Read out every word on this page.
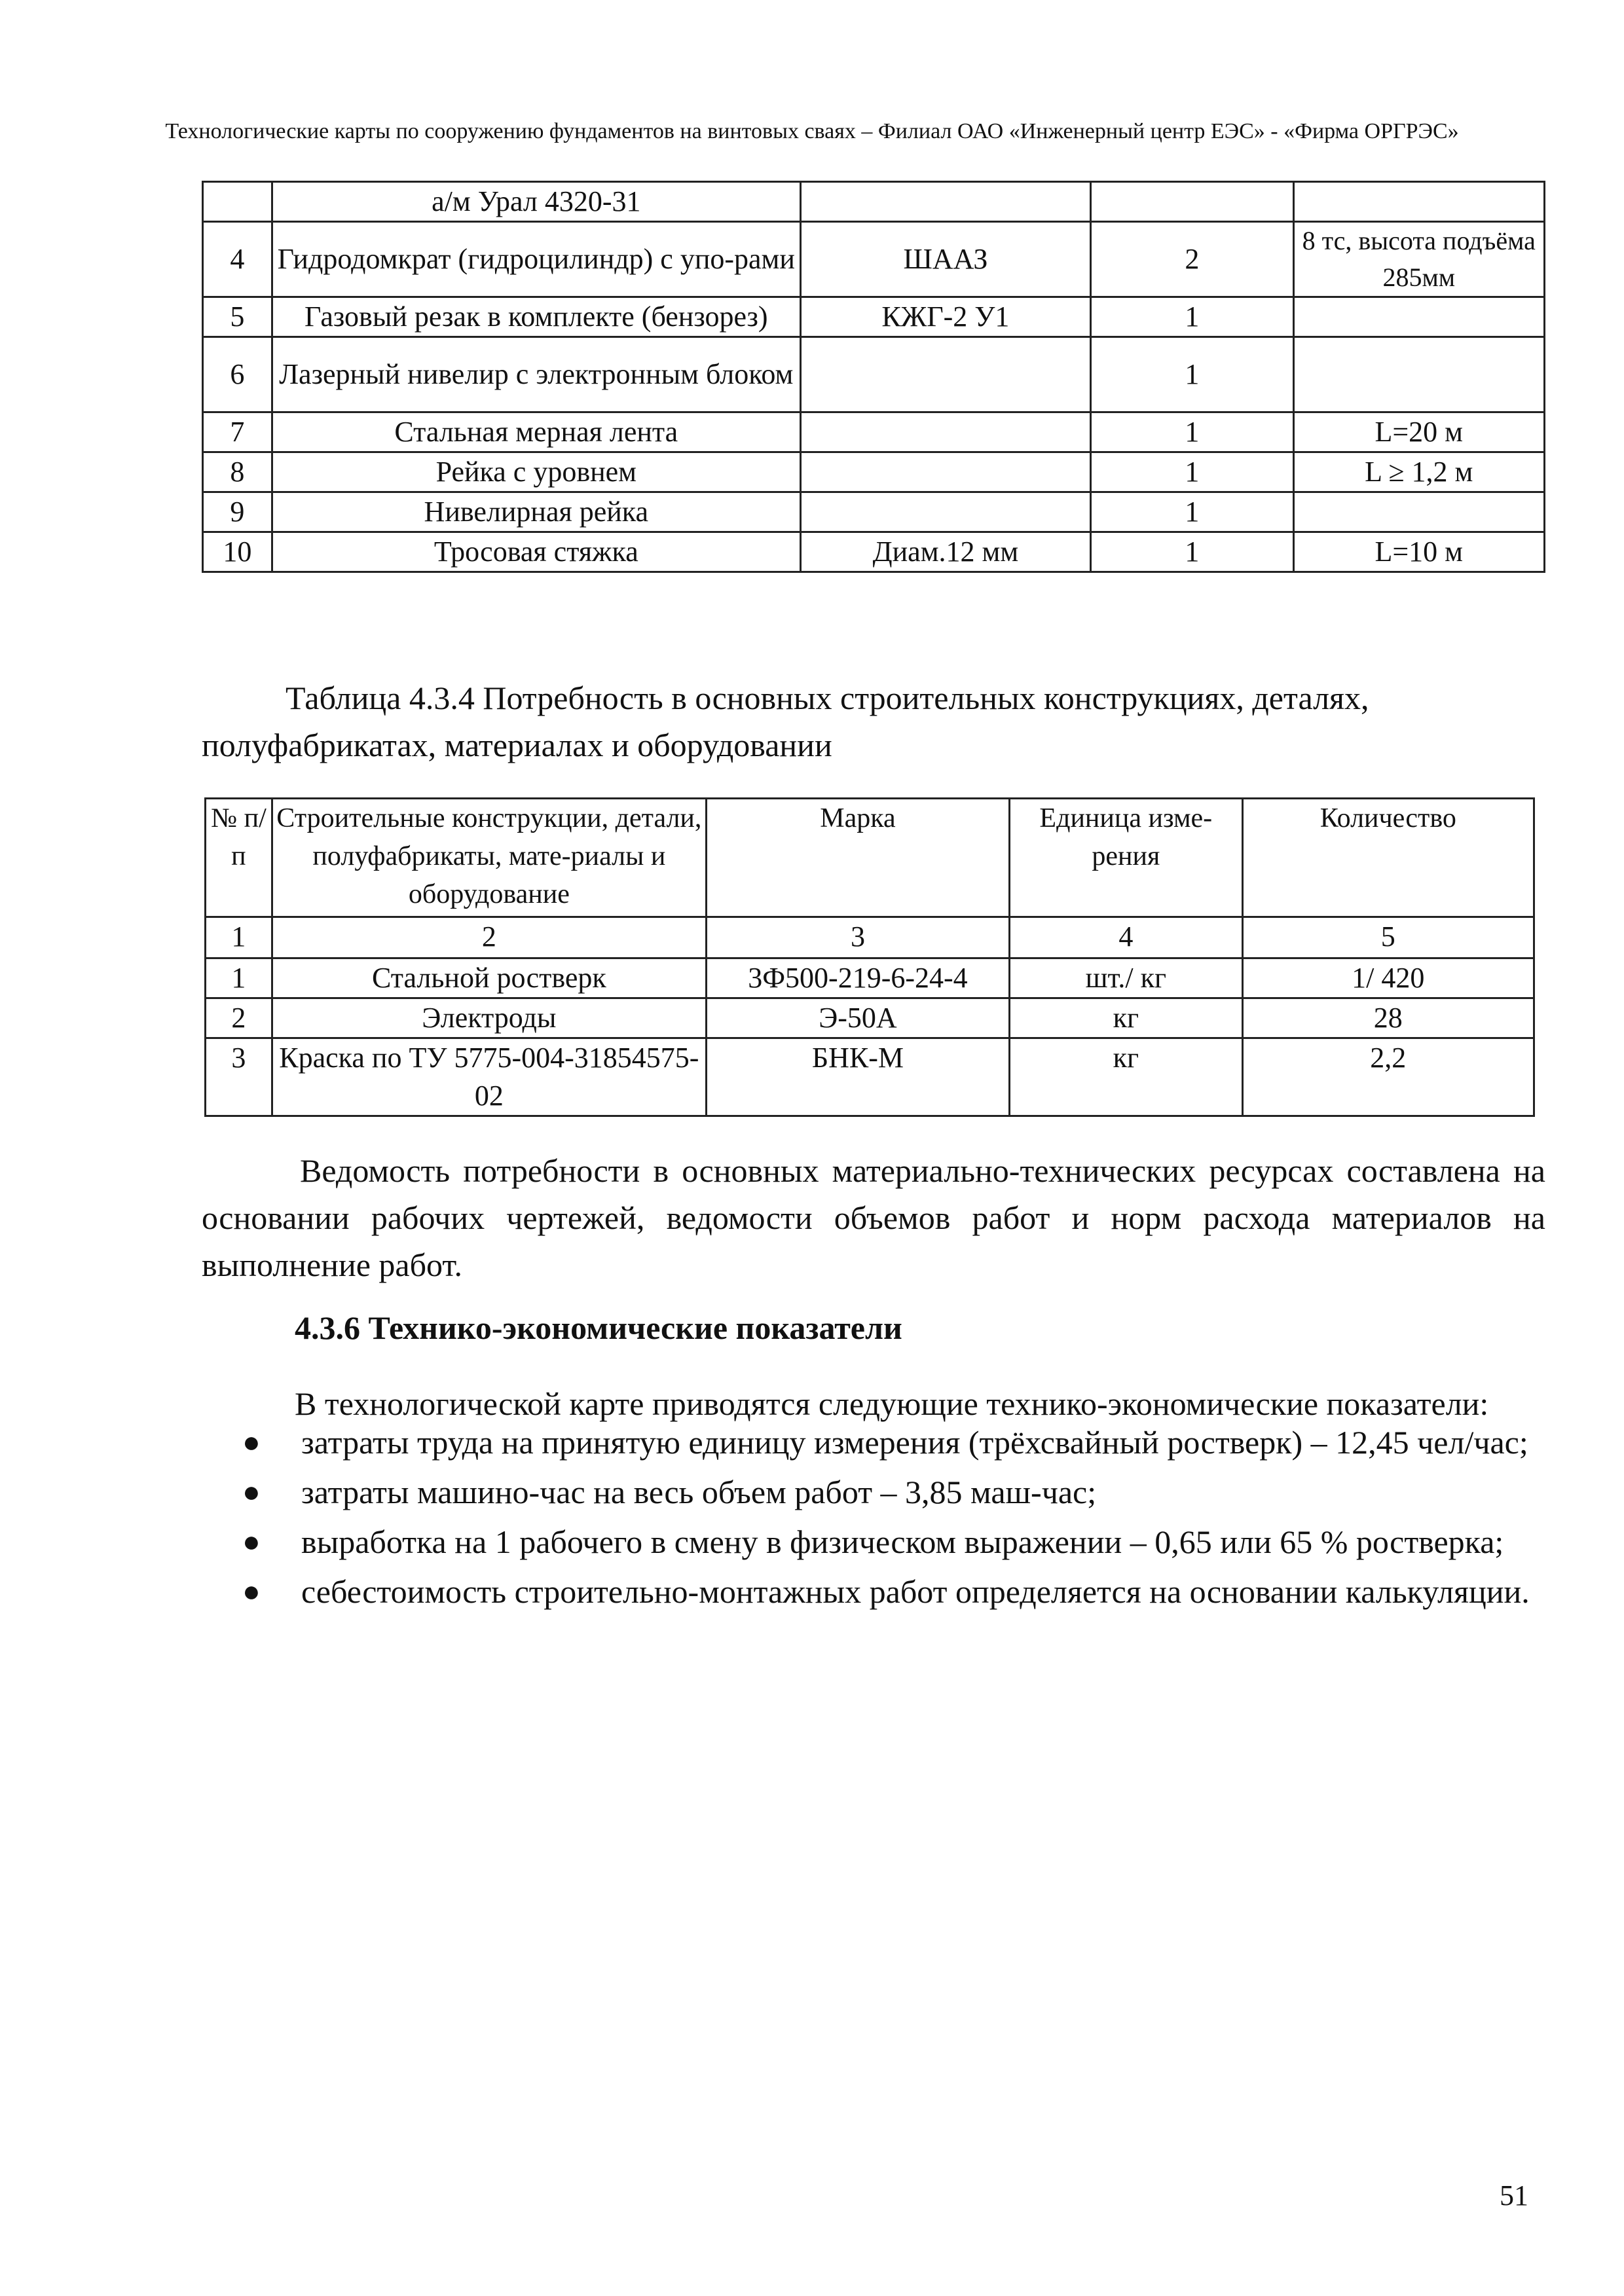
Технологические карты по сооружению фундаментов на винтовых сваях – Филиал ОАО «Инженерный центр ЕЭС» - «Фирма ОРГРЭС»
	а/м Урал 4320-31			
4	Гидродомкрат (гидроцилиндр) с упо-рами	ШААЗ	2	8 тс, высота подъёма 285мм
5	Газовый резак в комплекте (бензорез)	КЖГ-2 У1	1	
6	Лазерный нивелир с электронным блоком		1	
7	Стальная мерная лента		1	L=20 м
8	Рейка с уровнем		1	L ≥ 1,2 м
9	Нивелирная рейка		1	
10	Тросовая стяжка	Диам.12 мм	1	L=10 м
Таблица 4.3.4 Потребность в основных строительных конструкциях, деталях, полуфабрикатах, материалах и оборудовании
№ п/п	Строительные конструкции, детали, полуфабрикаты, мате-риалы и оборудование	Марка	Единица изме-рения	Количество
1	2	3	4	5
1	Стальной ростверк	3Ф500-219-6-24-4	шт./ кг	1/ 420
2	Электроды	Э-50А	кг	28
3	Краска по ТУ 5775-004-31854575-02	БНК-М	кг	2,2
Ведомость потребности в основных материально-технических ресурсах составлена на основании рабочих чертежей, ведомости объемов работ и норм расхода материалов на выполнение работ.
4.3.6 Технико-экономические показатели
В технологической карте приводятся следующие технико-экономические показатели:
● затраты труда на принятую единицу измерения (трёхсвайный ростверк) – 12,45 чел/час;
● затраты машино-час на весь объем работ – 3,85 маш-час;
● выработка на 1 рабочего в смену в физическом выражении – 0,65 или 65 % ростверка;
● себестоимость строительно-монтажных работ определяется на основании калькуляции.
51
